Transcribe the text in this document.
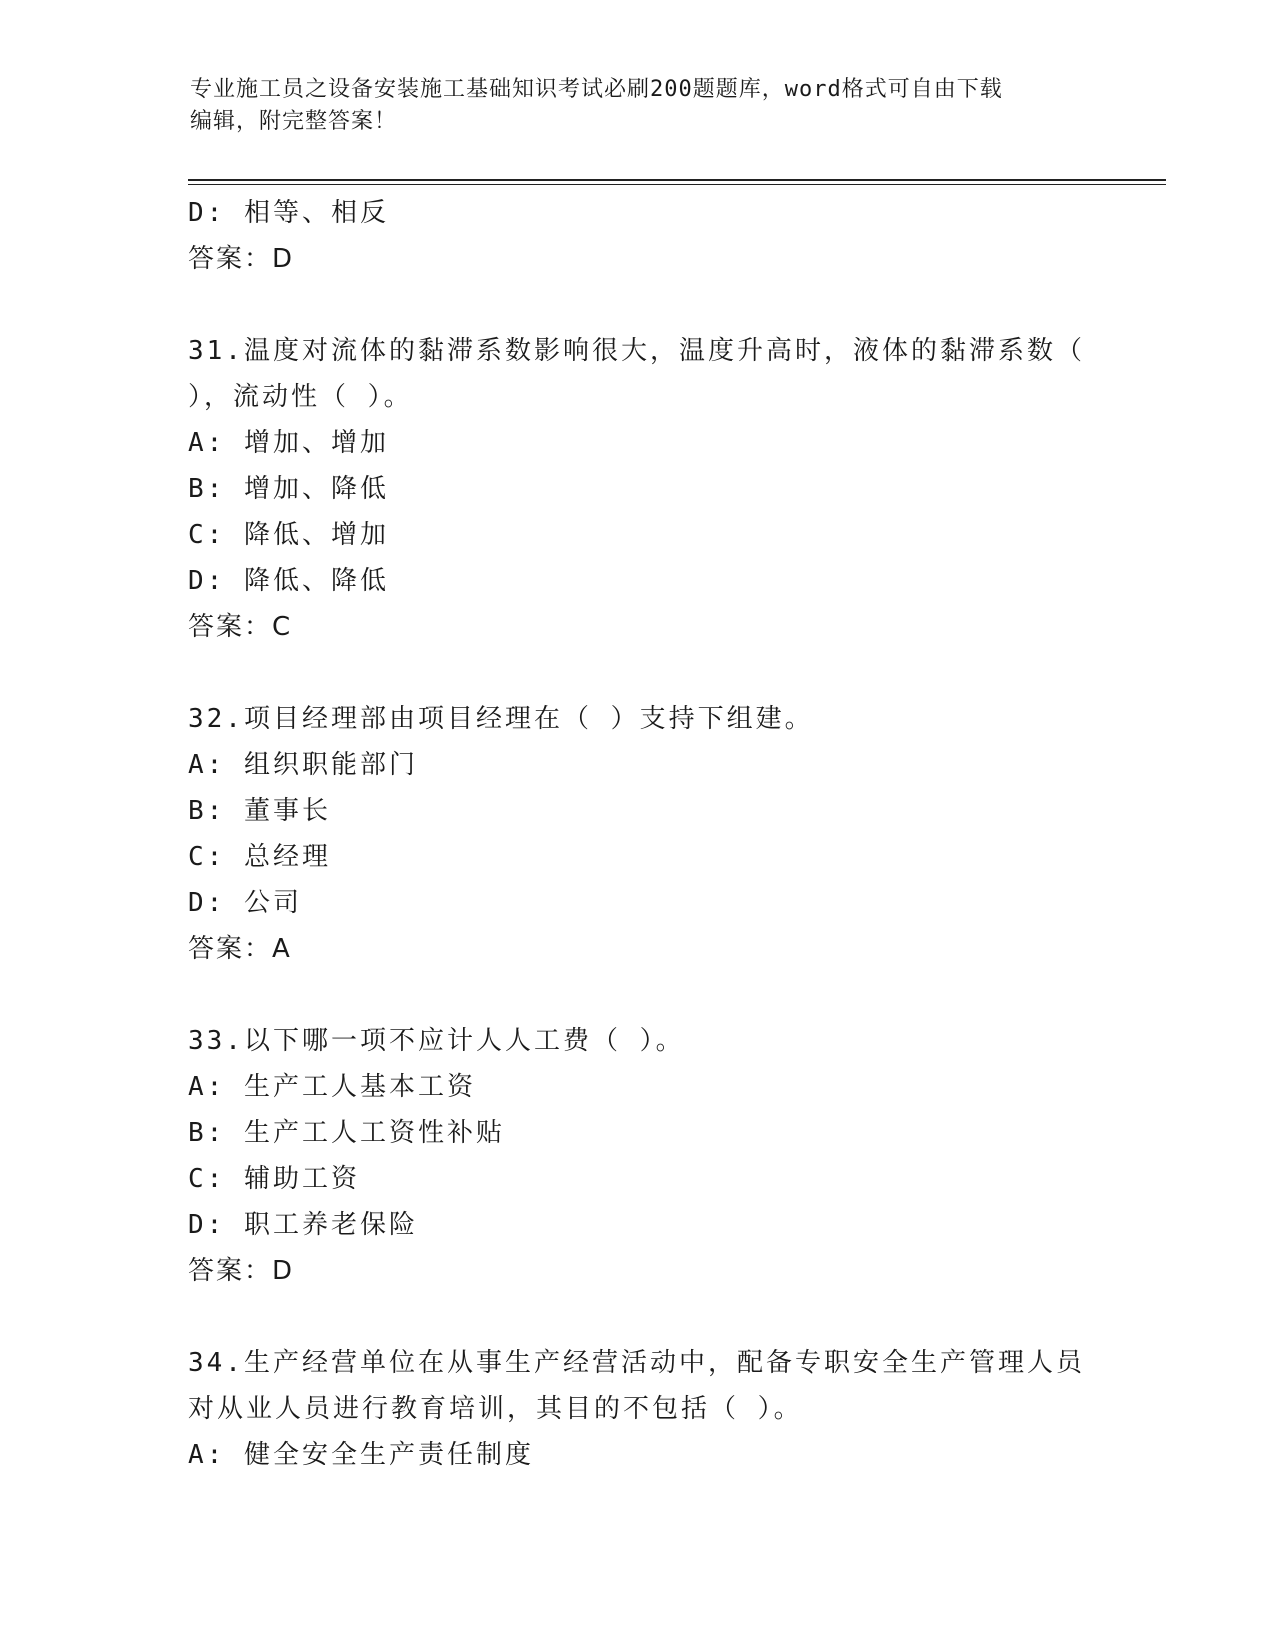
专业施工员之设备安装施工基础知识考试必刷200题题库，word格式可自由下载
编辑，附完整答案！
D: 相等、相反
答案：D
31.温度对流体的黏滞系数影响很大，温度升高时，液体的黏滞系数（
），流动性（ ）。
A: 增加、增加
B: 增加、降低
C: 降低、增加
D: 降低、降低
答案：C
32.项目经理部由项目经理在（ ）支持下组建。
A: 组织职能部门
B: 董事长
C: 总经理
D: 公司
答案：A
33.以下哪一项不应计人人工费（ ）。
A: 生产工人基本工资
B: 生产工人工资性补贴
C: 辅助工资
D: 职工养老保险
答案：D
34.生产经营单位在从事生产经营活动中，配备专职安全生产管理人员
对从业人员进行教育培训，其目的不包括（ ）。
A: 健全安全生产责任制度
